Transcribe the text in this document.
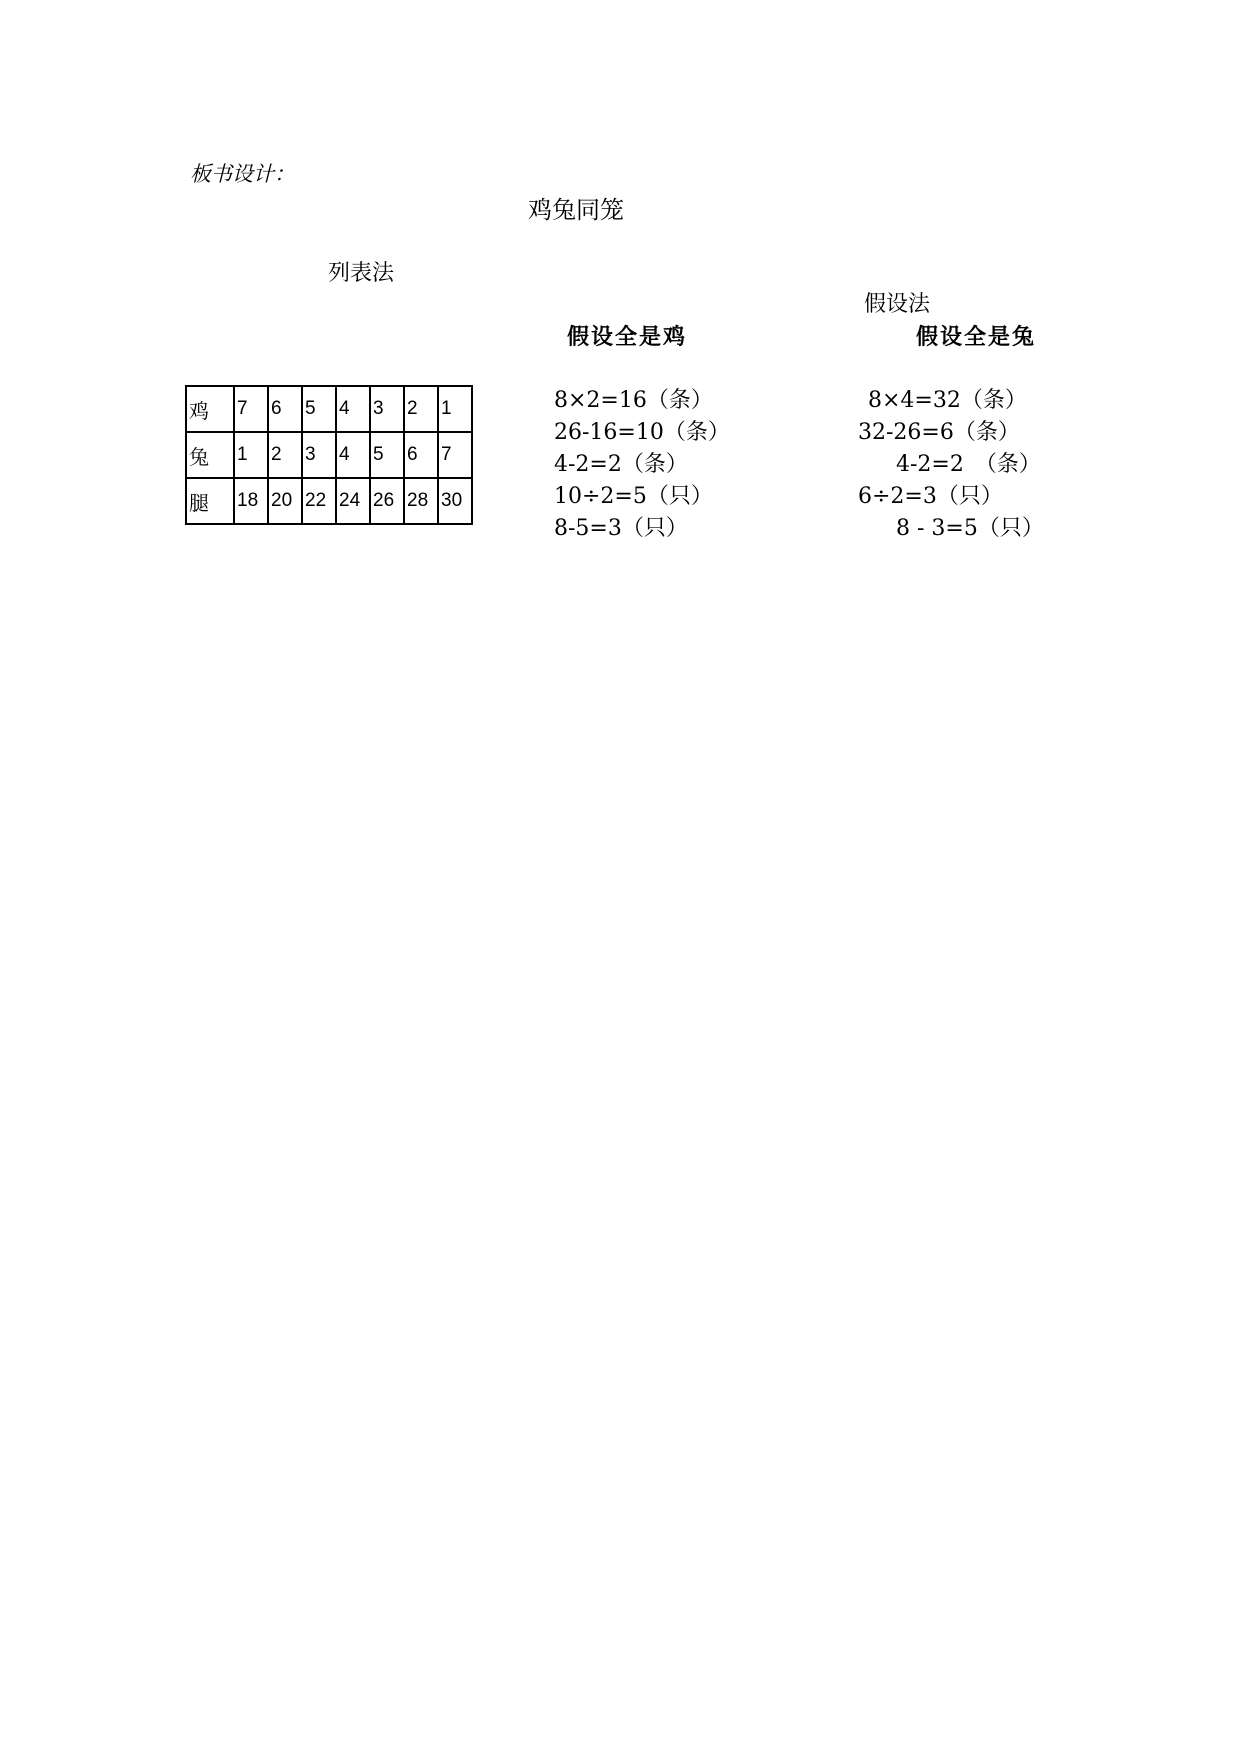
板书设计：
鸡兔同笼
列表法
假设法
假设全是鸡	假设全是兔
鸡	7	6	5	4	3	2	1
兔	1	2	3	4	5	6	7
腿	18	20	22	24	26	28	30
8×2=16（条）
26-16=10（条）
4-2=2（条）
10÷2=5（只）
8-5=3（只）
8×4=32（条）
32-26=6（条）
4-2=2　（条）
6÷2=3（只）
8 - 3=5（只）
